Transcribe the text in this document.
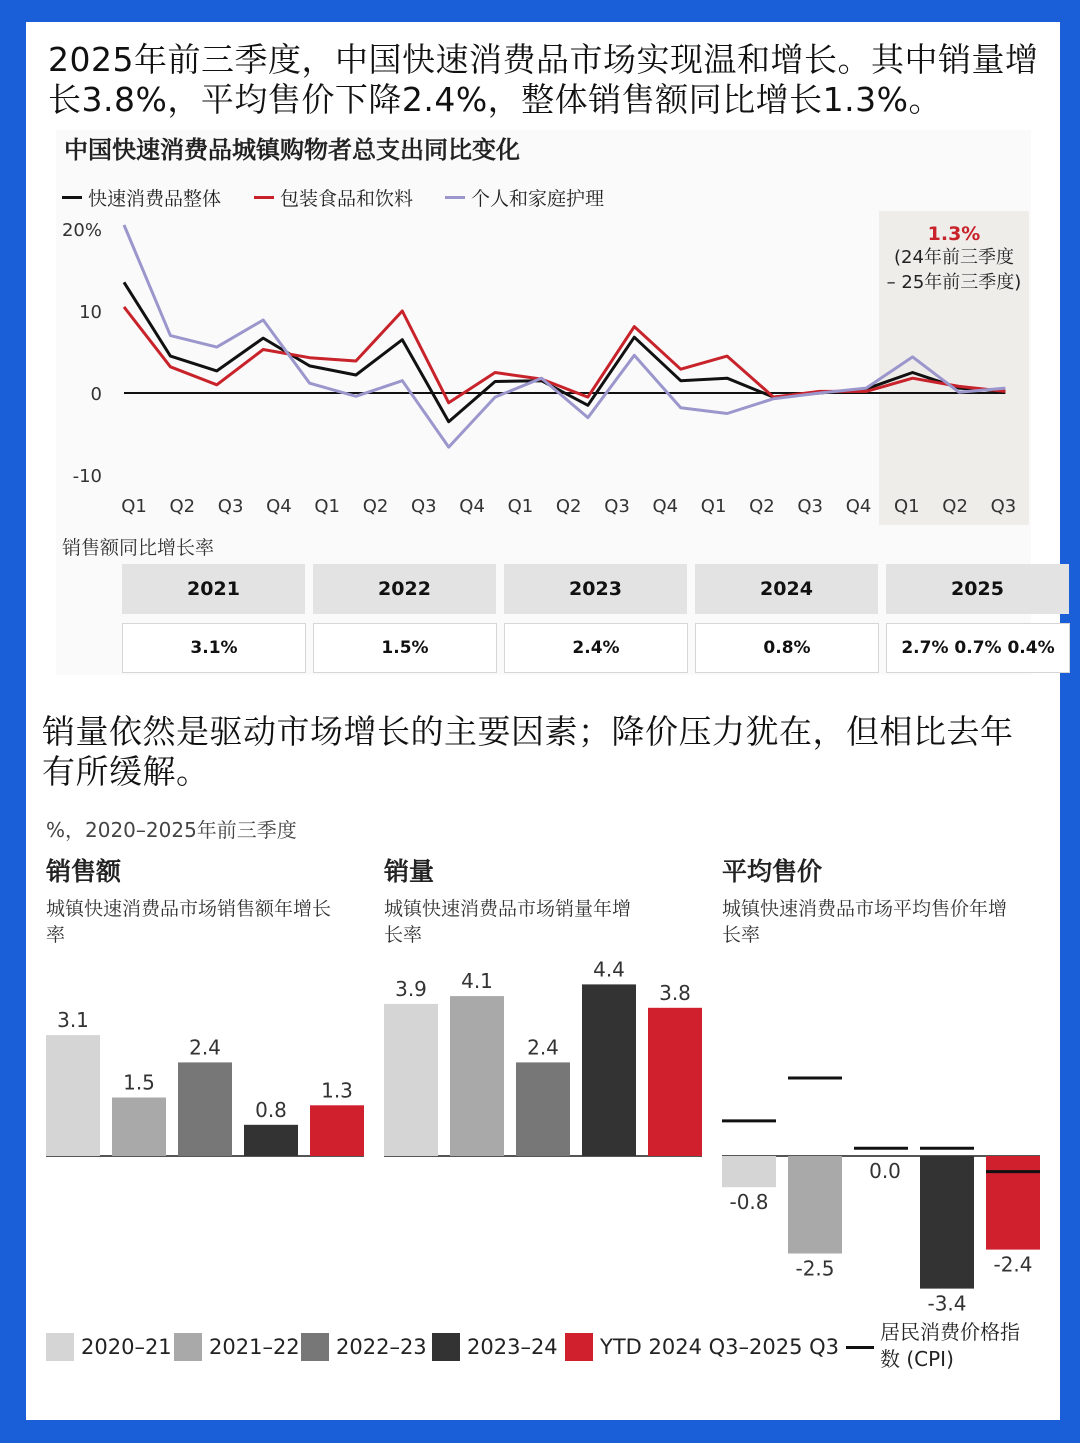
2025年前三季度，中国快速消费品市场实现温和增长。其中销量增长3.8%，平均售价下降2.4%，整体销售额同比增长1.3%。
中国快速消费品城镇购物者总支出同比变化
快速消费品整体	包装食品和饮料	个人和家庭护理
20%
10
0
-10
Q1 Q2 Q3 Q4 Q1 Q2 Q3 Q4 Q1 Q2 Q3 Q4 Q1 Q2 Q3 Q4 Q1 Q2 Q3
1.3%
(24年前三季度
– 25年前三季度)
销售额同比增长率
2021
3.1%
2022
1.5%
2023
2.4%
2024
0.8%
2025
2.7% 0.7% 0.4%
销量依然是驱动市场增长的主要因素；降价压力犹在，但相比去年有所缓解。
%，2020–2025年前三季度
销售额
城镇快速消费品市场销售额年增长率
销量
城镇快速消费品市场销量年增长率
平均售价
城镇快速消费品市场平均售价年增长率
3.1
1.5
2.4
0.8
1.3
3.9 4.1
2.4
4.4
3.8
-0.8
-2.5
0.0
-3.4
-2.4
2020–21 2021–22 2022–23 2023–24 YTD 2024 Q3–2025 Q3
居民消费价格指数 (CPI)
